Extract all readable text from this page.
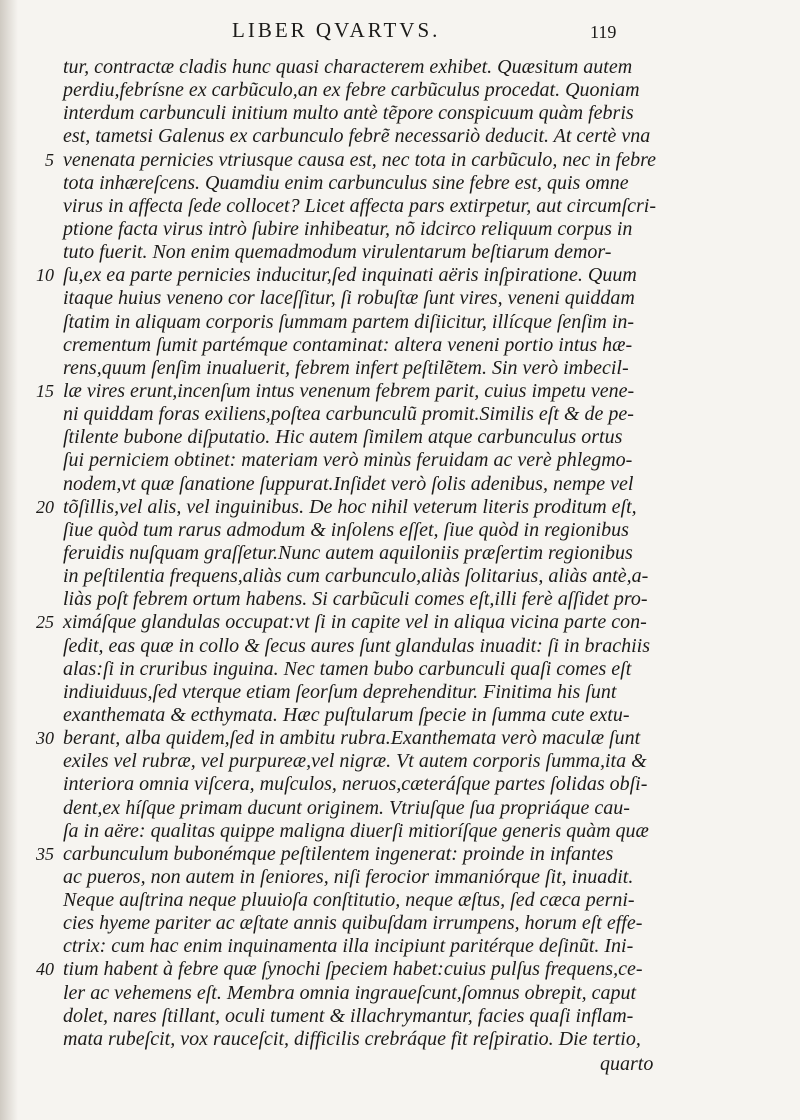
LIBER QVARTVS.	119
tur, contractæ cladis hunc quasi characterem exhibet. Quæsitum autem
perdiu,febrísne ex carbũculo,an ex febre carbũculus procedat. Quoniam
interdum carbunculi initium multo antè tẽpore conspicuum quàm febris
est, tametsi Galenus ex carbunculo febrẽ necessariò deducit. At certè vna
5 venenata pernicies vtriusque causa est, nec tota in carbũculo, nec in febre
tota inhæreſcens. Quamdiu enim carbunculus sine febre est, quis omne
virus in affecta ſede collocet? Licet affecta pars extirpetur, aut circumſcri-
ptione facta virus intrò ſubire inhibeatur, nõ idcirco reliquum corpus in
tuto fuerit. Non enim quemadmodum virulentarum beſtiarum demor-
10 ſu,ex ea parte pernicies inducitur,ſed inquinati aëris inſpiratione. Quum
itaque huius veneno cor laceſſitur, ſi robuſtæ ſunt vires, veneni quiddam
ſtatim in aliquam corporis ſummam partem diſiicitur, illícque ſenſim in-
crementum ſumit partémque contaminat: altera veneni portio intus hæ-
rens,quum ſenſim inualuerit, febrem infert peſtilẽtem. Sin verò imbecil-
15 læ vires erunt,incenſum intus venenum febrem parit, cuius impetu vene-
ni quiddam foras exiliens,poſtea carbunculũ promit.Similis eſt & de pe-
ſtilente bubone diſputatio. Hic autem ſimilem atque carbunculus ortus
ſui perniciem obtinet: materiam verò minùs feruidam ac verè phlegmo-
nodem,vt quæ ſanatione ſuppurat.Inſidet verò ſolis adenibus, nempe vel
20 tõſillis,vel alis, vel inguinibus. De hoc nihil veterum literis proditum eſt,
ſiue quòd tum rarus admodum & inſolens eſſet, ſiue quòd in regionibus
feruidis nuſquam graſſetur.Nunc autem aquiloniis præſertim regionibus
in peſtilentia frequens,aliàs cum carbunculo,aliàs ſolitarius, aliàs antè,a-
liàs poſt febrem ortum habens. Si carbũculi comes eſt,illi ferè aſſidet pro-
25 ximáſque glandulas occupat:vt ſi in capite vel in aliqua vicina parte con-
ſedit, eas quæ in collo & ſecus aures ſunt glandulas inuadit: ſi in brachiis
alas:ſi in cruribus inguina. Nec tamen bubo carbunculi quaſi comes eſt
indiuiduus,ſed vterque etiam ſeorſum deprehenditur. Finitima his ſunt
exanthemata & ecthymata. Hæc puſtularum ſpecie in ſumma cute extu-
30 berant, alba quidem,ſed in ambitu rubra.Exanthemata verò maculæ ſunt
exiles vel rubræ, vel purpureæ,vel nigræ. Vt autem corporis ſumma,ita &
interiora omnia viſcera, muſculos, neruos,cæteráſque partes ſolidas obſi-
dent,ex híſque primam ducunt originem. Vtriuſque ſua propriáque cau-
ſa in aëre: qualitas quippe maligna diuerſi mitioríſque generis quàm quæ
35 carbunculum bubonémque peſtilentem ingenerat: proinde in infantes
ac pueros, non autem in ſeniores, niſi ferocior immaniórque ſit, inuadit.
Neque auſtrina neque pluuioſa conſtitutio, neque æſtus, ſed cæca perni-
cies hyeme pariter ac æſtate annis quibuſdam irrumpens, horum eſt effe-
ctrix: cum hac enim inquinamenta illa incipiunt paritérque deſinũt. Ini-
40 tium habent à febre quæ ſynochi ſpeciem habet:cuius pulſus frequens,ce-
ler ac vehemens eſt. Membra omnia ingraueſcunt,ſomnus obrepit, caput
dolet, nares ſtillant, oculi tument & illachrymantur, facies quaſi inflam-
mata rubeſcit, vox rauceſcit, difficilis crebráque fit reſpiratio. Die tertio,
quarto
